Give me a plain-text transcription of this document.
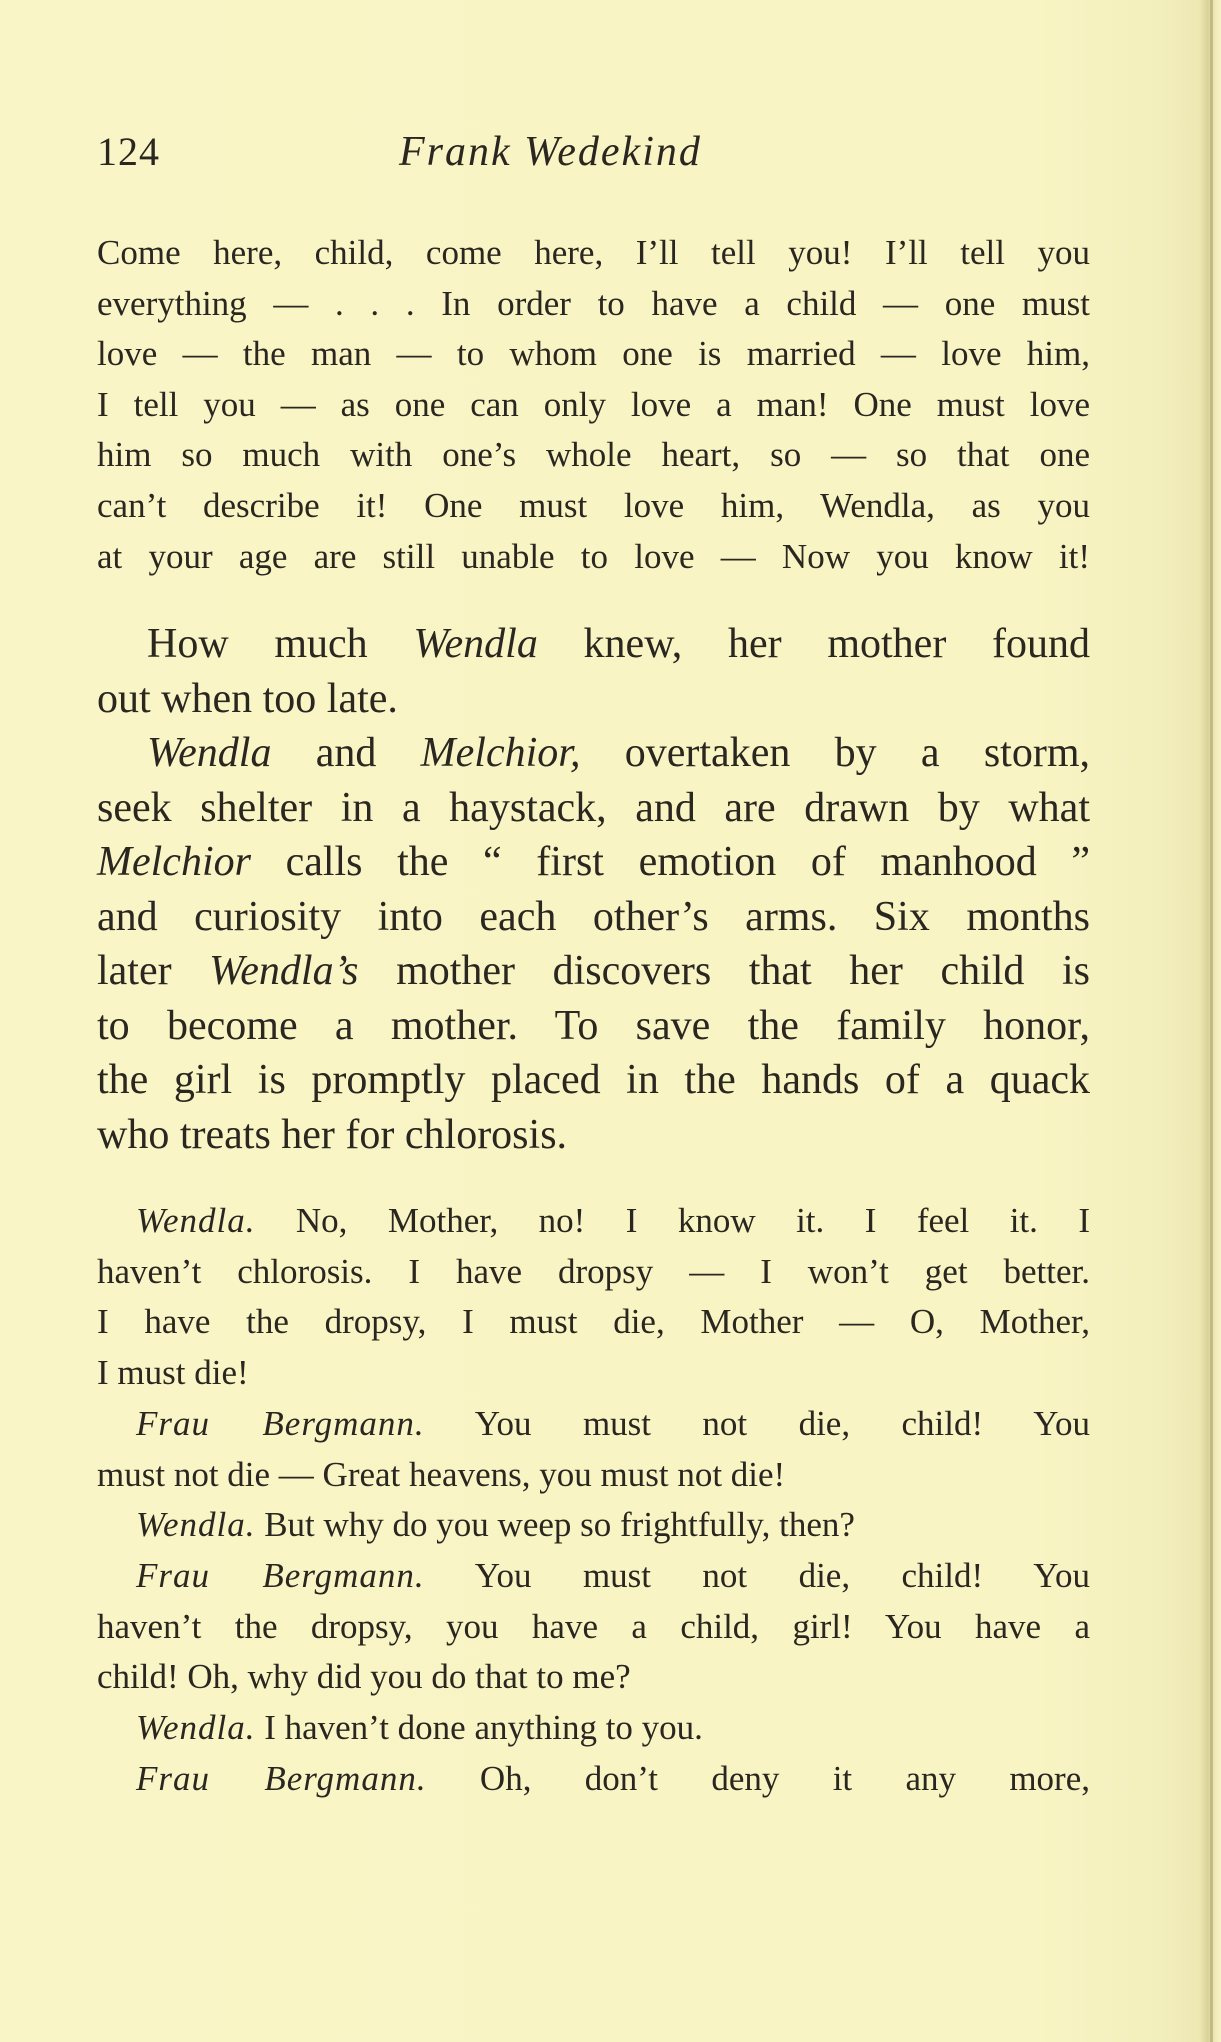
124	Frank Wedekind
Come here, child, come here, I’ll tell you! I’ll tell you
everything — . . . In order to have a child — one must
love — the man — to whom one is married — love him,
I tell you — as one can only love a man! One must love
him so much with one’s whole heart, so — so that one
can’t describe it! One must love him, Wendla, as you
at your age are still unable to love — Now you know it!
How much Wendla knew, her mother found
out when too late.
Wendla and Melchior, overtaken by a storm,
seek shelter in a haystack, and are drawn by what
Melchior calls the “ first emotion of manhood ”
and curiosity into each other’s arms. Six months
later Wendla’s mother discovers that her child is
to become a mother. To save the family honor,
the girl is promptly placed in the hands of a quack
who treats her for chlorosis.
Wendla. No, Mother, no! I know it. I feel it. I
haven’t chlorosis. I have dropsy — I won’t get better.
I have the dropsy, I must die, Mother — O, Mother,
I must die!
Frau Bergmann. You must not die, child! You
must not die — Great heavens, you must not die!
Wendla. But why do you weep so frightfully, then?
Frau Bergmann. You must not die, child! You
haven’t the dropsy, you have a child, girl! You have a
child! Oh, why did you do that to me?
Wendla. I haven’t done anything to you.
Frau Bergmann. Oh, don’t deny it any more,
